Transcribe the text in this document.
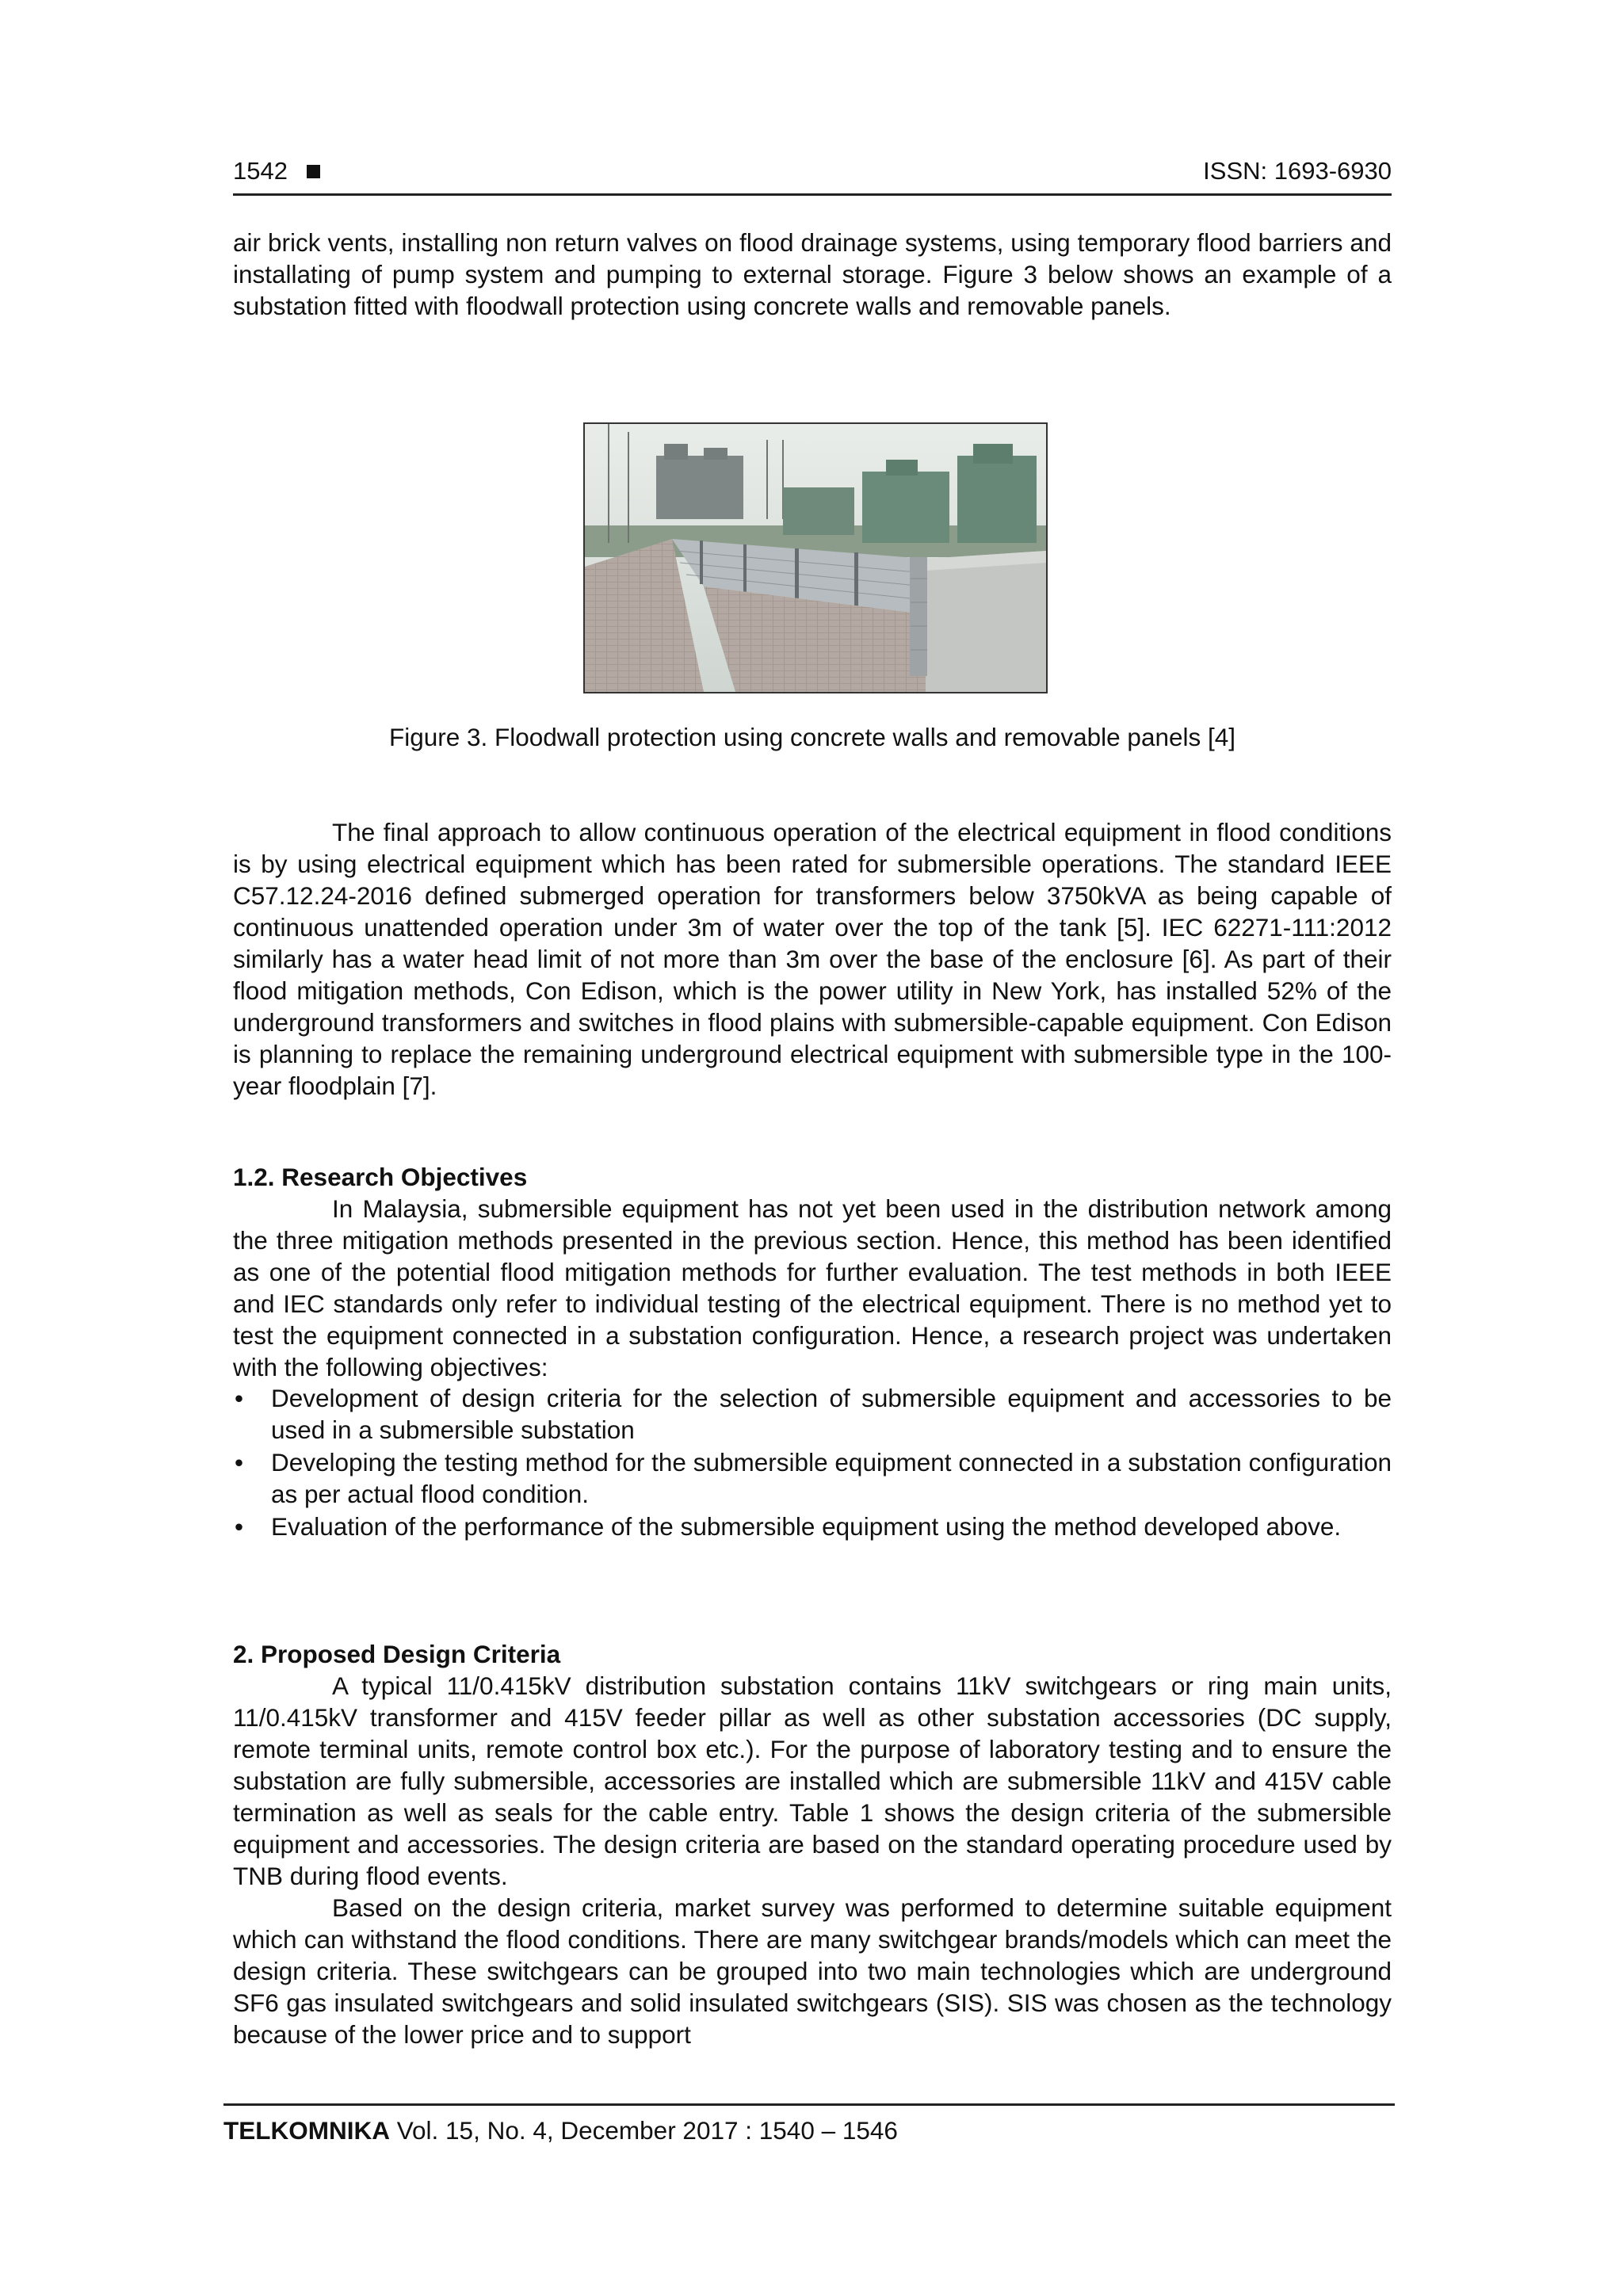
1542	ISSN: 1693-6930

air brick vents, installing non return valves on flood drainage systems, using temporary flood barriers and installating of pump system and pumping to external storage. Figure 3 below shows an example of a substation fitted with floodwall protection using concrete walls and removable panels.

Figure 3. Floodwall protection using concrete walls and removable panels [4]

The final approach to allow continuous operation of the electrical equipment in flood conditions is by using electrical equipment which has been rated for submersible operations. The standard IEEE C57.12.24-2016 defined submerged operation for transformers below 3750kVA as being capable of continuous unattended operation under 3m of water over the top of the tank [5]. IEC 62271-111:2012 similarly has a water head limit of not more than 3m over the base of the enclosure [6]. As part of their flood mitigation methods, Con Edison, which is the power utility in New York, has installed 52% of the underground transformers and switches in flood plains with submersible-capable equipment. Con Edison is planning to replace the remaining underground electrical equipment with submersible type in the 100-year floodplain [7].

1.2. Research Objectives

In Malaysia, submersible equipment has not yet been used in the distribution network among the three mitigation methods presented in the previous section. Hence, this method has been identified as one of the potential flood mitigation methods for further evaluation. The test methods in both IEEE and IEC standards only refer to individual testing of the electrical equipment. There is no method yet to test the equipment connected in a substation configuration. Hence, a research project was undertaken with the following objectives:

• Development of design criteria for the selection of submersible equipment and accessories to be used in a submersible substation
• Developing the testing method for the submersible equipment connected in a substation configuration as per actual flood condition.
• Evaluation of the performance of the submersible equipment using the method developed above.
2. Proposed Design Criteria

A typical 11/0.415kV distribution substation contains 11kV switchgears or ring main units, 11/0.415kV transformer and 415V feeder pillar as well as other substation accessories (DC supply, remote terminal units, remote control box etc.). For the purpose of laboratory testing and to ensure the substation are fully submersible, accessories are installed which are submersible 11kV and 415V cable termination as well as seals for the cable entry. Table 1 shows the design criteria of the submersible equipment and accessories. The design criteria are based on the standard operating procedure used by TNB during flood events.

Based on the design criteria, market survey was performed to determine suitable equipment which can withstand the flood conditions. There are many switchgear brands/models which can meet the design criteria. These switchgears can be grouped into two main technologies which are underground SF6 gas insulated switchgears and solid insulated switchgears (SIS). SIS was chosen as the technology because of the lower price and to support

TELKOMNIKA Vol. 15, No. 4, December 2017 : 1540 – 1546
